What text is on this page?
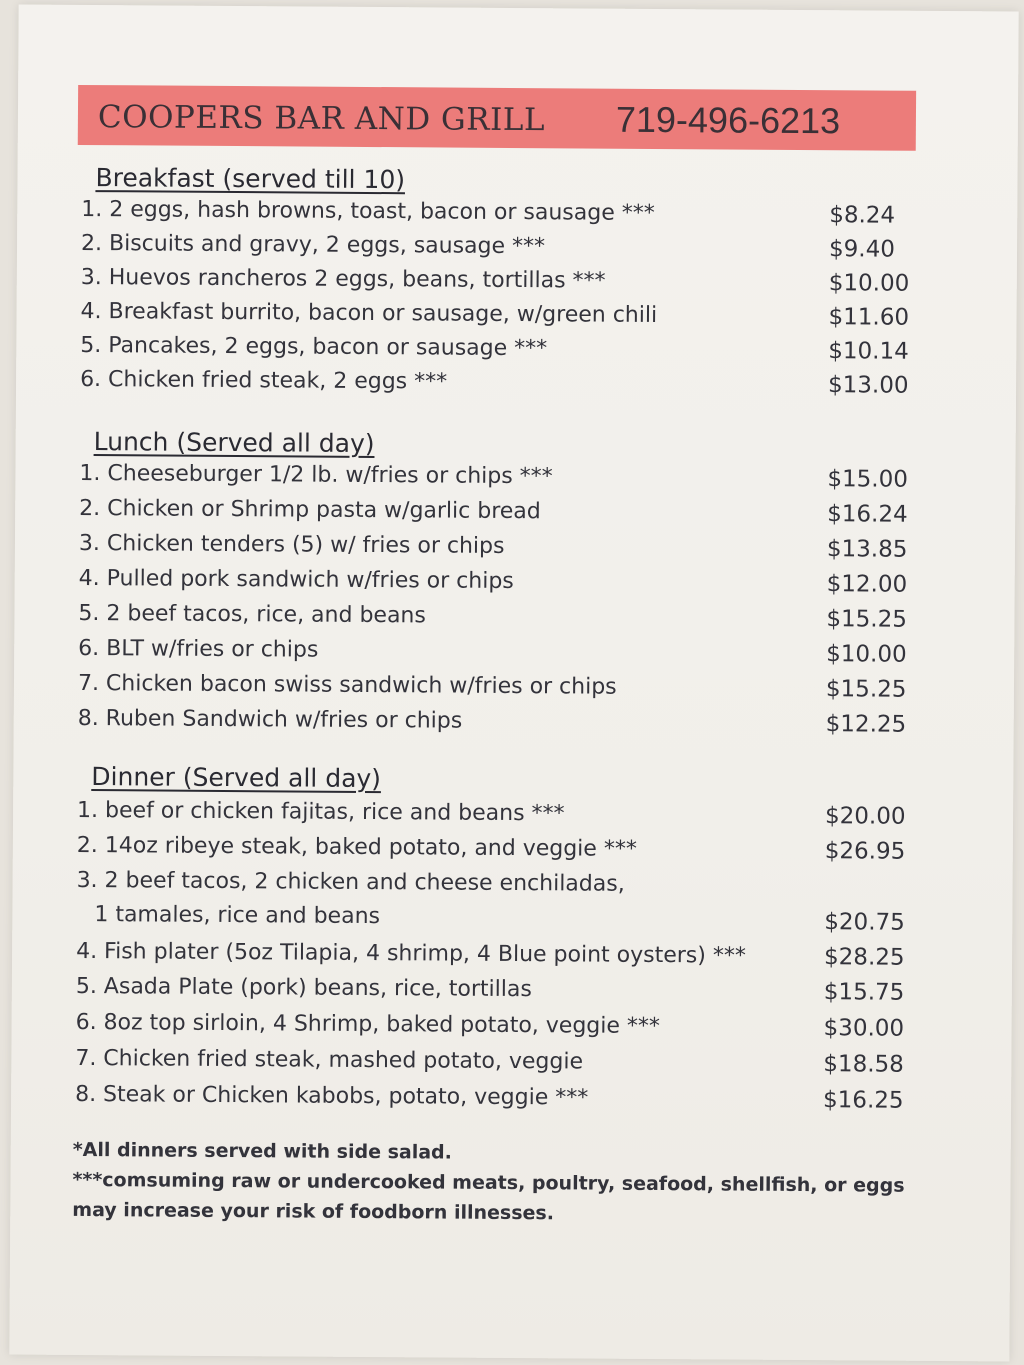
COOPERS BAR AND GRILL 719-496-6213
Breakfast (served till 10)
1. 2 eggs, hash browns, toast, bacon or sausage ***	$8.24
2. Biscuits and gravy, 2 eggs, sausage ***	$9.40
3. Huevos rancheros 2 eggs, beans, tortillas ***	$10.00
4. Breakfast burrito, bacon or sausage, w/green chili	$11.60
5. Pancakes, 2 eggs, bacon or sausage ***	$10.14
6. Chicken fried steak, 2 eggs ***	$13.00
Lunch (Served all day)
1. Cheeseburger 1/2 lb. w/fries or chips ***	$15.00
2. Chicken or Shrimp pasta w/garlic bread	$16.24
3. Chicken tenders (5) w/ fries or chips	$13.85
4. Pulled pork sandwich w/fries or chips	$12.00
5. 2 beef tacos, rice, and beans	$15.25
6. BLT w/fries or chips	$10.00
7. Chicken bacon swiss sandwich w/fries or chips	$15.25
8. Ruben Sandwich w/fries or chips	$12.25
Dinner (Served all day)
1. beef or chicken fajitas, rice and beans ***	$20.00
2. 14oz ribeye steak, baked potato, and veggie ***	$26.95
3. 2 beef tacos, 2 chicken and cheese enchiladas,
1 tamales, rice and beans	$20.75
4. Fish plater (5oz Tilapia, 4 shrimp, 4 Blue point oysters) ***	$28.25
5. Asada Plate (pork) beans, rice, tortillas	$15.75
6. 8oz top sirloin, 4 Shrimp, baked potato, veggie ***	$30.00
7. Chicken fried steak, mashed potato, veggie	$18.58
8. Steak or Chicken kabobs, potato, veggie ***	$16.25
*All dinners served with side salad.
***comsuming raw or undercooked meats, poultry, seafood, shellfish, or eggs
may increase your risk of foodborn illnesses.
